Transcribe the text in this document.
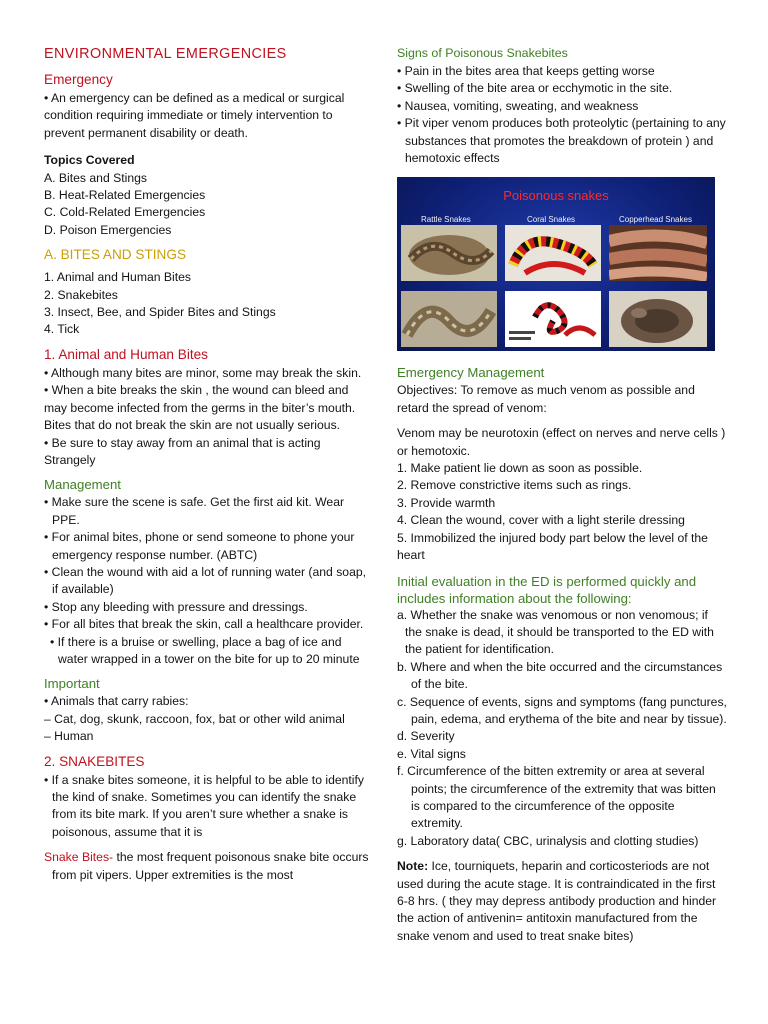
ENVIRONMENTAL EMERGENCIES

Emergency

• An emergency can be defined as a medical or surgical condition requiring immediate or timely intervention to prevent permanent disability or death.

Topics Covered

A. Bites and Stings

B. Heat-Related Emergencies

C. Cold-Related Emergencies

D. Poison Emergencies

A. BITES AND STINGS

1. Animal and Human Bites

2. Snakebites

3. Insect, Bee, and Spider Bites and Stings

4. Tick

1. Animal and Human Bites

• Although many bites are minor, some may break the skin.

• When a bite breaks the skin , the wound can bleed and may become infected from the germs in the biter’s mouth. Bites that do not break the skin are not usually serious.

• Be sure to stay away from an animal that is acting Strangely

Management

• Make sure the scene is safe. Get the first aid kit. Wear PPE.

• For animal bites, phone or send someone to phone your emergency response number. (ABTC)

• Clean the wound with aid a lot of running water (and soap, if available)

• Stop any bleeding with pressure and dressings.

• For all bites that break the skin, call a healthcare provider.

• If there is a bruise or swelling, place a bag of ice and water wrapped in a tower on the bite for up to 20 minute

Important

• Animals that carry rabies:

– Cat, dog, skunk, raccoon, fox, bat or other wild animal

– Human

2. SNAKEBITES

• If a snake bites someone, it is helpful to be able to identify the kind of snake. Sometimes you can identify the snake from its bite mark. If you aren’t sure whether a snake is poisonous, assume that it is

Snake Bites- the most frequent poisonous snake bite occurs from pit vipers. Upper extremities is the most

Signs of Poisonous Snakebites

• Pain in the bites area that keeps getting worse

• Swelling of the bite area or ecchymotic in the site.

• Nausea, vomiting, sweating, and weakness

• Pit viper venom produces both proteolytic (pertaining to any substances that promotes the breakdown of protein ) and hemotoxic effects

Poisonous snakes
Rattle Snakes	Coral Snakes	Copperhead Snakes

Emergency Management

Objectives: To remove as much venom as possible and retard the spread of venom:

Venom may be neurotoxin (effect on nerves and nerve cells ) or hemotoxic.

1. Make patient lie down as soon as possible.

2. Remove constrictive items such as rings.

3. Provide warmth

4. Clean the wound, cover with a light sterile dressing

5. Immobilized the injured body part below the level of the heart

Initial evaluation in the ED is performed quickly and includes information about the following:

a. Whether the snake was venomous or non venomous; if the snake is dead, it should be transported to the ED with the patient for identification.

b. Where and when the bite occurred and the circumstances of the bite.

c. Sequence of events, signs and symptoms (fang punctures, pain, edema, and erythema of the bite and near by tissue).

d. Severity

e. Vital signs

f. Circumference of the bitten extremity or area at several points; the circumference of the extremity that was bitten is compared to the circumference of the opposite extremity.

g. Laboratory data( CBC, urinalysis and clotting studies)

Note: Ice, tourniquets, heparin and corticosteriods are not used during the acute stage. It is contraindicated in the first 6-8 hrs. ( they may depress antibody production and hinder the action of antivenin= antitoxin manufactured from the snake venom and used to treat snake bites)
